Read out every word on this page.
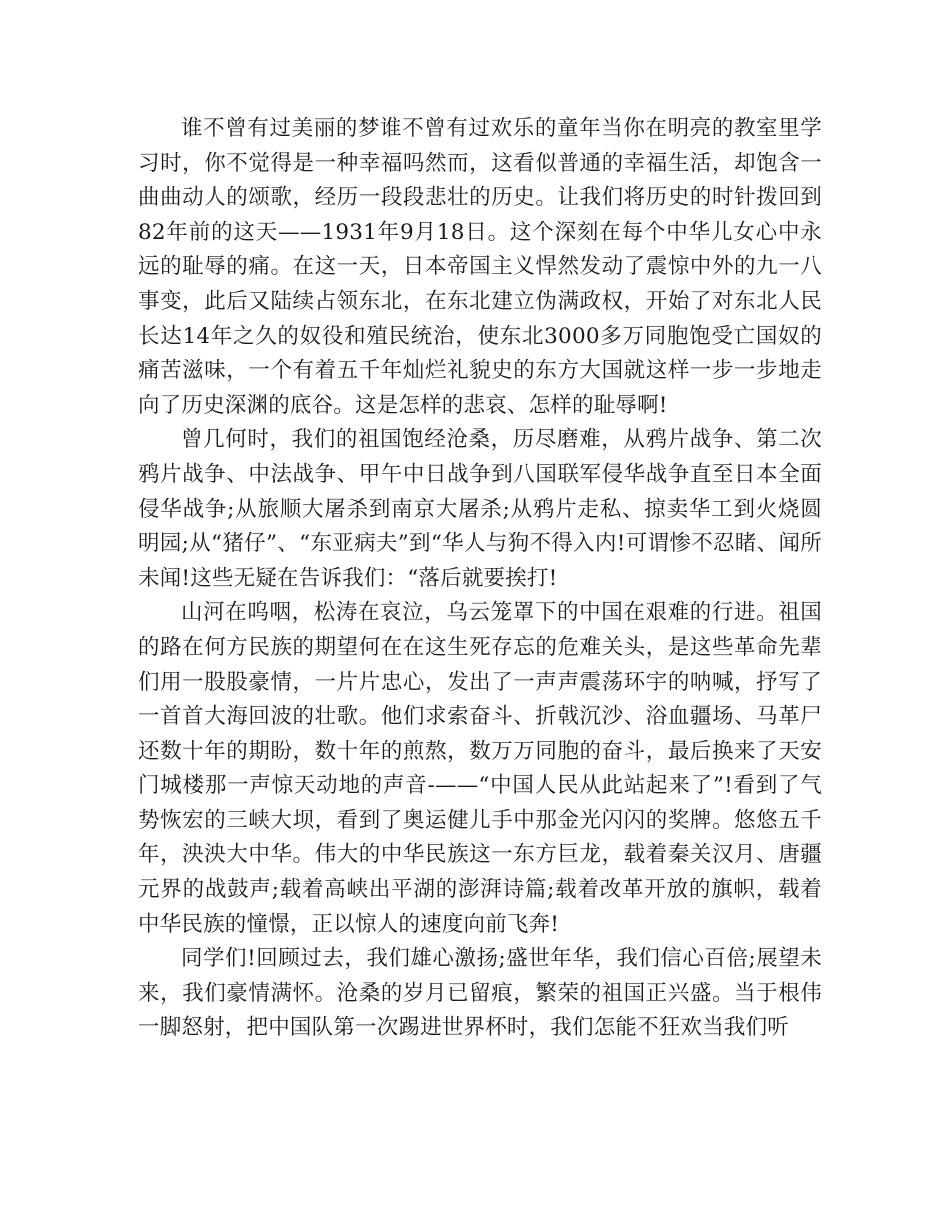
谁不曾有过美丽的梦谁不曾有过欢乐的童年当你在明亮的教室里学习时，你不觉得是一种幸福吗然而，这看似普通的幸福生活，却饱含一曲曲动人的颂歌，经历一段段悲壮的历史。让我们将历史的时针拨回到82年前的这天——1931年9月18日。这个深刻在每个中华儿女心中永远的耻辱的痛。在这一天，日本帝国主义悍然发动了震惊中外的九一八事变，此后又陆续占领东北，在东北建立伪满政权，开始了对东北人民长达14年之久的奴役和殖民统治，使东北3000多万同胞饱受亡国奴的痛苦滋味，一个有着五千年灿烂礼貌史的东方大国就这样一步一步地走向了历史深渊的底谷。这是怎样的悲哀、怎样的耻辱啊!

曾几何时，我们的祖国饱经沧桑，历尽磨难，从鸦片战争、第二次鸦片战争、中法战争、甲午中日战争到八国联军侵华战争直至日本全面侵华战争;从旅顺大屠杀到南京大屠杀;从鸦片走私、掠卖华工到火烧圆明园;从“猪仔”、“东亚病夫”到“华人与狗不得入内!可谓惨不忍睹、闻所未闻!这些无疑在告诉我们：“落后就要挨打!

山河在呜咽，松涛在哀泣，乌云笼罩下的中国在艰难的行进。祖国的路在何方民族的期望何在在这生死存忘的危难关头，是这些革命先辈们用一股股豪情，一片片忠心，发出了一声声震荡环宇的呐喊，抒写了一首首大海回波的壮歌。他们求索奋斗、折戟沉沙、浴血疆场、马革尸还数十年的期盼，数十年的煎熬，数万万同胞的奋斗，最后换来了天安门城楼那一声惊天动地的声音-——“中国人民从此站起来了”!看到了气势恢宏的三峡大坝，看到了奥运健儿手中那金光闪闪的奖牌。悠悠五千年，泱泱大中华。伟大的中华民族这一东方巨龙，载着秦关汉月、唐疆元界的战鼓声;载着高峡出平湖的澎湃诗篇;载着改革开放的旗帜，载着中华民族的憧憬，正以惊人的速度向前飞奔!

同学们!回顾过去，我们雄心激扬;盛世年华，我们信心百倍;展望未来，我们豪情满怀。沧桑的岁月已留痕，繁荣的祖国正兴盛。当于根伟一脚怒射，把中国队第一次踢进世界杯时，我们怎能不狂欢当我们听
